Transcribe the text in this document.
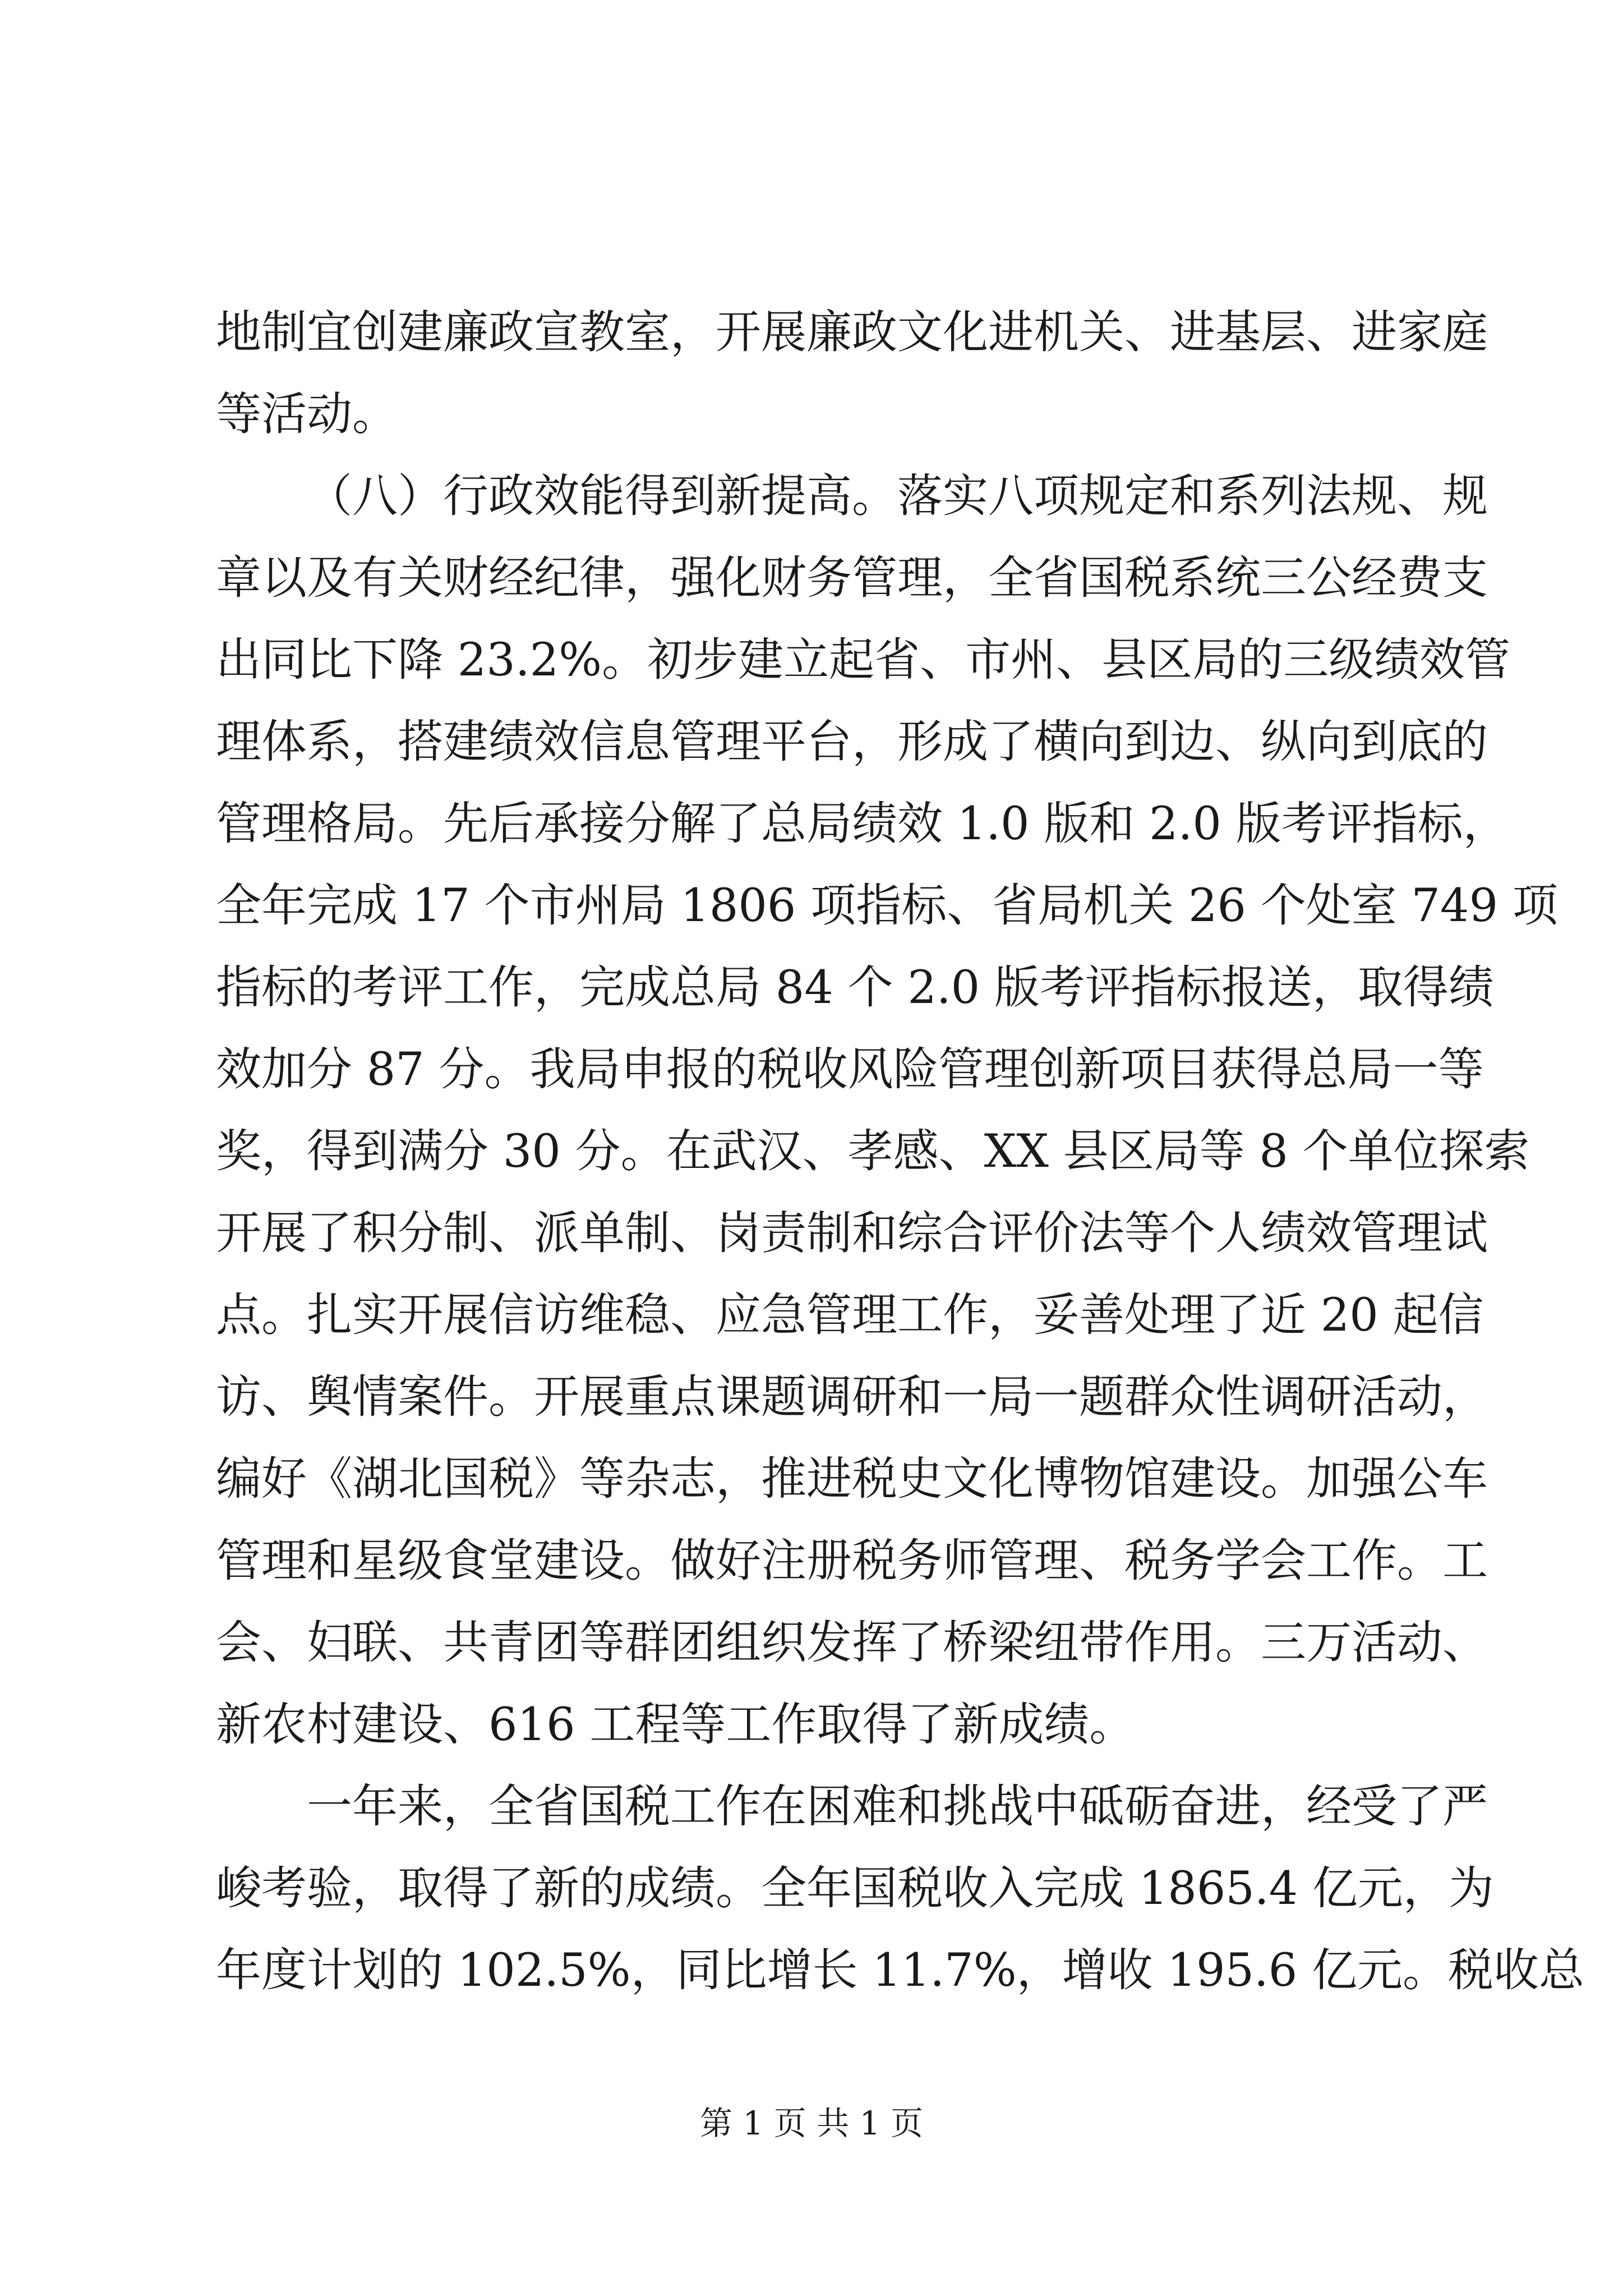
地制宜创建廉政宣教室，开展廉政文化进机关、进基层、进家庭
等活动。
（八）行政效能得到新提高。落实八项规定和系列法规、规
章以及有关财经纪律，强化财务管理，全省国税系统三公经费支
出同比下降 23.2%。初步建立起省、市州、县区局的三级绩效管
理体系，搭建绩效信息管理平台，形成了横向到边、纵向到底的
管理格局。先后承接分解了总局绩效 1.0 版和 2.0 版考评指标，
全年完成 17 个市州局 1806 项指标、省局机关 26 个处室 749 项
指标的考评工作，完成总局 84 个 2.0 版考评指标报送，取得绩
效加分 87 分。我局申报的税收风险管理创新项目获得总局一等
奖，得到满分 30 分。在武汉、孝感、XX 县区局等 8 个单位探索
开展了积分制、派单制、岗责制和综合评价法等个人绩效管理试
点。扎实开展信访维稳、应急管理工作，妥善处理了近 20 起信
访、舆情案件。开展重点课题调研和一局一题群众性调研活动，
编好《湖北国税》等杂志，推进税史文化博物馆建设。加强公车
管理和星级食堂建设。做好注册税务师管理、税务学会工作。工
会、妇联、共青团等群团组织发挥了桥梁纽带作用。三万活动、
新农村建设、616 工程等工作取得了新成绩。
一年来，全省国税工作在困难和挑战中砥砺奋进，经受了严
峻考验，取得了新的成绩。全年国税收入完成 1865.4 亿元，为
年度计划的 102.5%，同比增长 11.7%，增收 195.6 亿元。税收总
第 1 页 共 1 页
